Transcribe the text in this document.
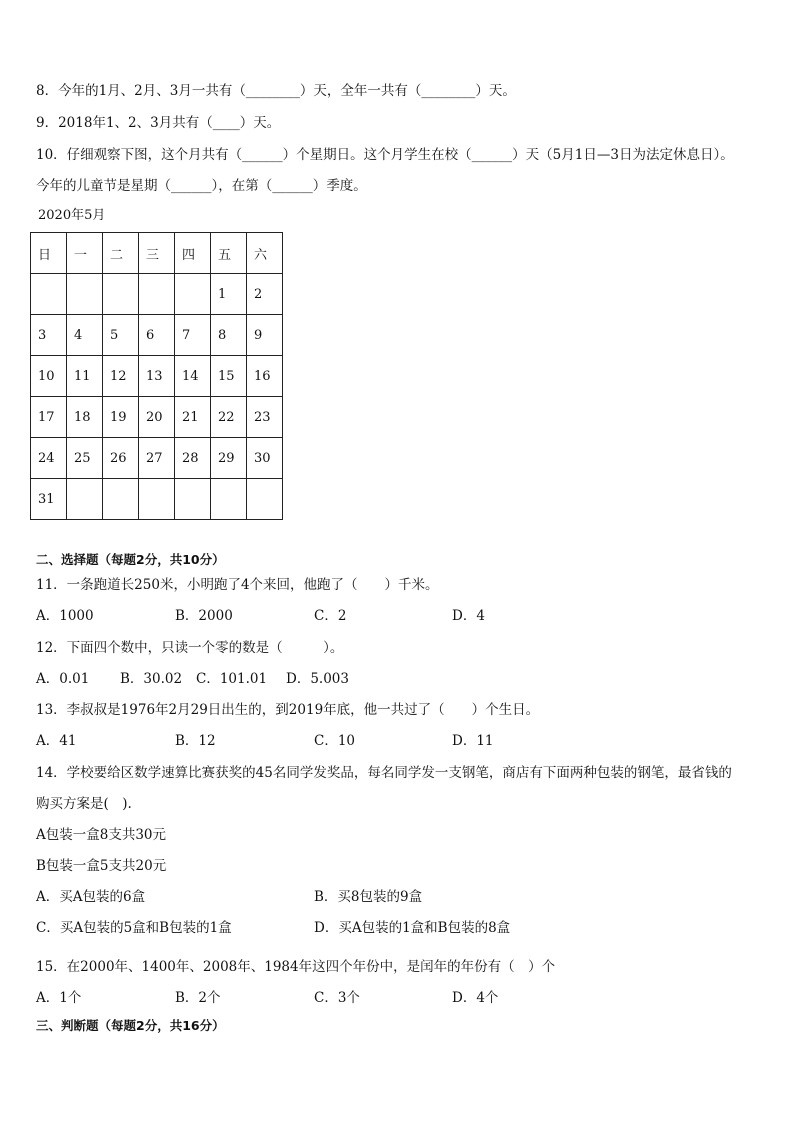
8．今年的1月、2月、3月一共有（________）天，全年一共有（________）天。
9．2018年1、2、3月共有（____）天。
10．仔细观察下图，这个月共有（______）个星期日。这个月学生在校（______）天（5月1日—3日为法定休息日）。
今年的儿童节是星期（______），在第（______）季度。
2020年5月
日	一	二	三	四	五	六
					1	2
3	4	5	6	7	8	9
10	11	12	13	14	15	16
17	18	19	20	21	22	23
24	25	26	27	28	29	30
31						
二、选择题（每题2分，共10分）
11．一条跑道长250米，小明跑了4个来回，他跑了（　　）千米。
A．1000	B．2000	C．2	D．4
12．下面四个数中，只读一个零的数是（　　　）。
A．0.01 B．30.02 C．101.01 D．5.003
13．李叔叔是1976年2月29日出生的，到2019年底，他一共过了（　　）个生日。
A．41	B．12	C．10	D．11
14．学校要给区数学速算比赛获奖的45名同学发奖品，每名同学发一支钢笔，商店有下面两种包装的钢笔，最省钱的
购买方案是(　).
A包装一盒8支共30元
B包装一盒5支共20元
A．买A包装的6盒	B．买8包装的9盒
C．买A包装的5盒和B包装的1盒	D．买A包装的1盒和B包装的8盒
15．在2000年、1400年、2008年、1984年这四个年份中，是闰年的年份有（　）个
A．1个	B．2个	C．3个	D．4个
三、判断题（每题2分，共16分）
